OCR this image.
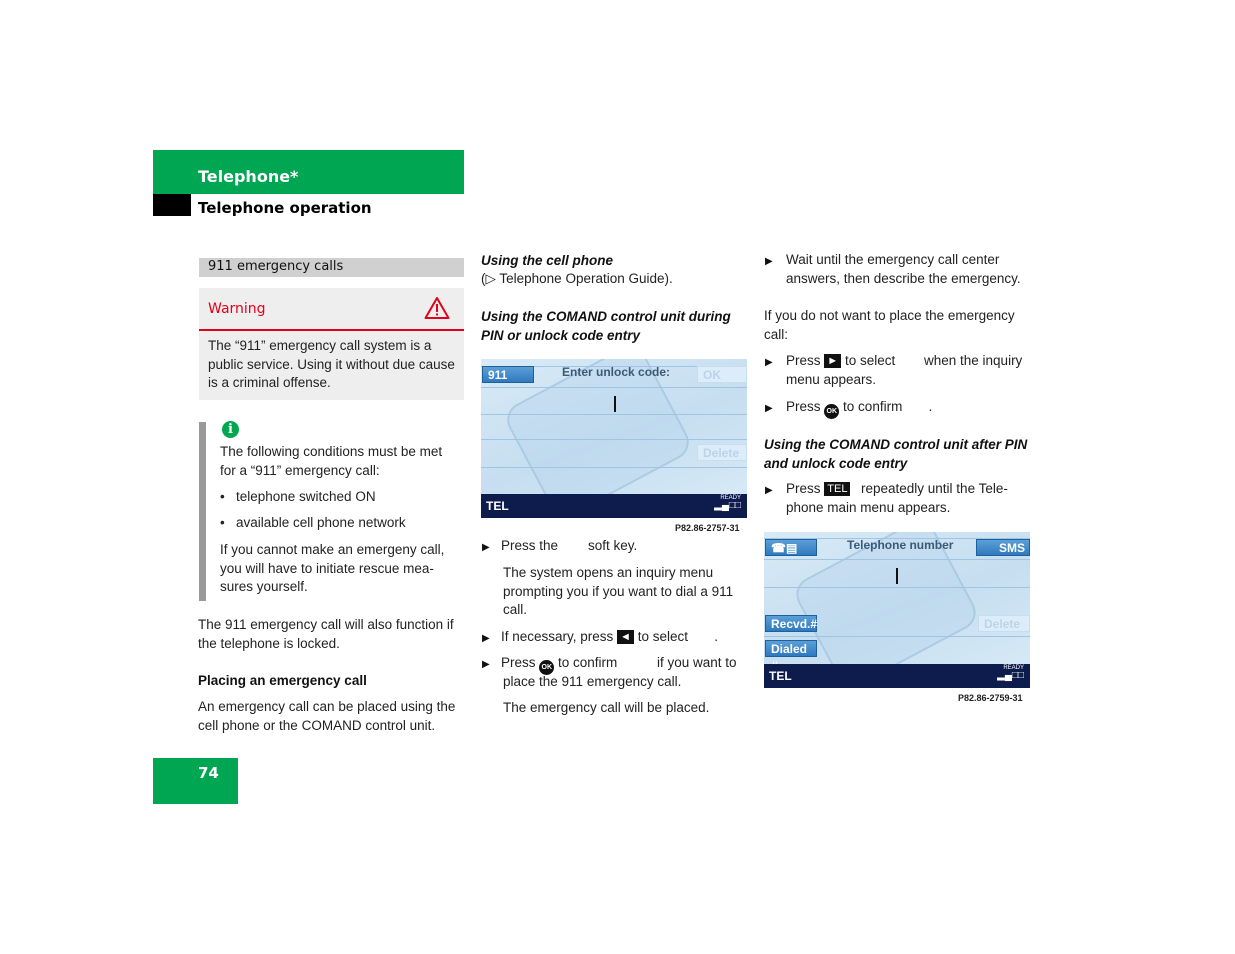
Telephone*
Telephone operation
911 emergency calls
Warning
The “911” emergency call system is a public service. Using it without due cause is a criminal offense.
i
The following conditions must be met for a “911” emergency call:
•   telephone switched ON
•   available cell phone network
If you cannot make an emergeny call, you will have to initiate rescue measures yourself.
The 911 emergency call will also function if the telephone is locked.
Placing an emergency call
An emergency call can be placed using the cell phone or the COMAND control unit.
Using the cell phone
(▷ Telephone Operation Guide).
Using the COMAND control unit during PIN or unlock code entry
911	Enter unlock code:	OK
Delete
TEL
READY
▂▄□□
P82.86-2757-31
▶ Press the soft key.
The system opens an inquiry menu prompting you if you want to dial a 911 call.
▶ If necessary, press ◄ to select .
▶ Press OK to confirm	if you want to place the 911 emergency call.
The emergency call will be placed.
▶ Wait until the emergency call center answers, then describe the emergency.
If you do not want to place the emergency call:
▶ Press ► to select	when the inquiry menu appears.
▶ Press OK to confirm .
Using the COMAND control unit after PIN and unlock code entry
▶ Press TEL	repeatedly until the Telephone main menu appears.
☎▤	Telephone number	SMS
Recvd.#	Delete
Dialed
TEL
READY
▂▄□□
P82.86-2759-31
74
